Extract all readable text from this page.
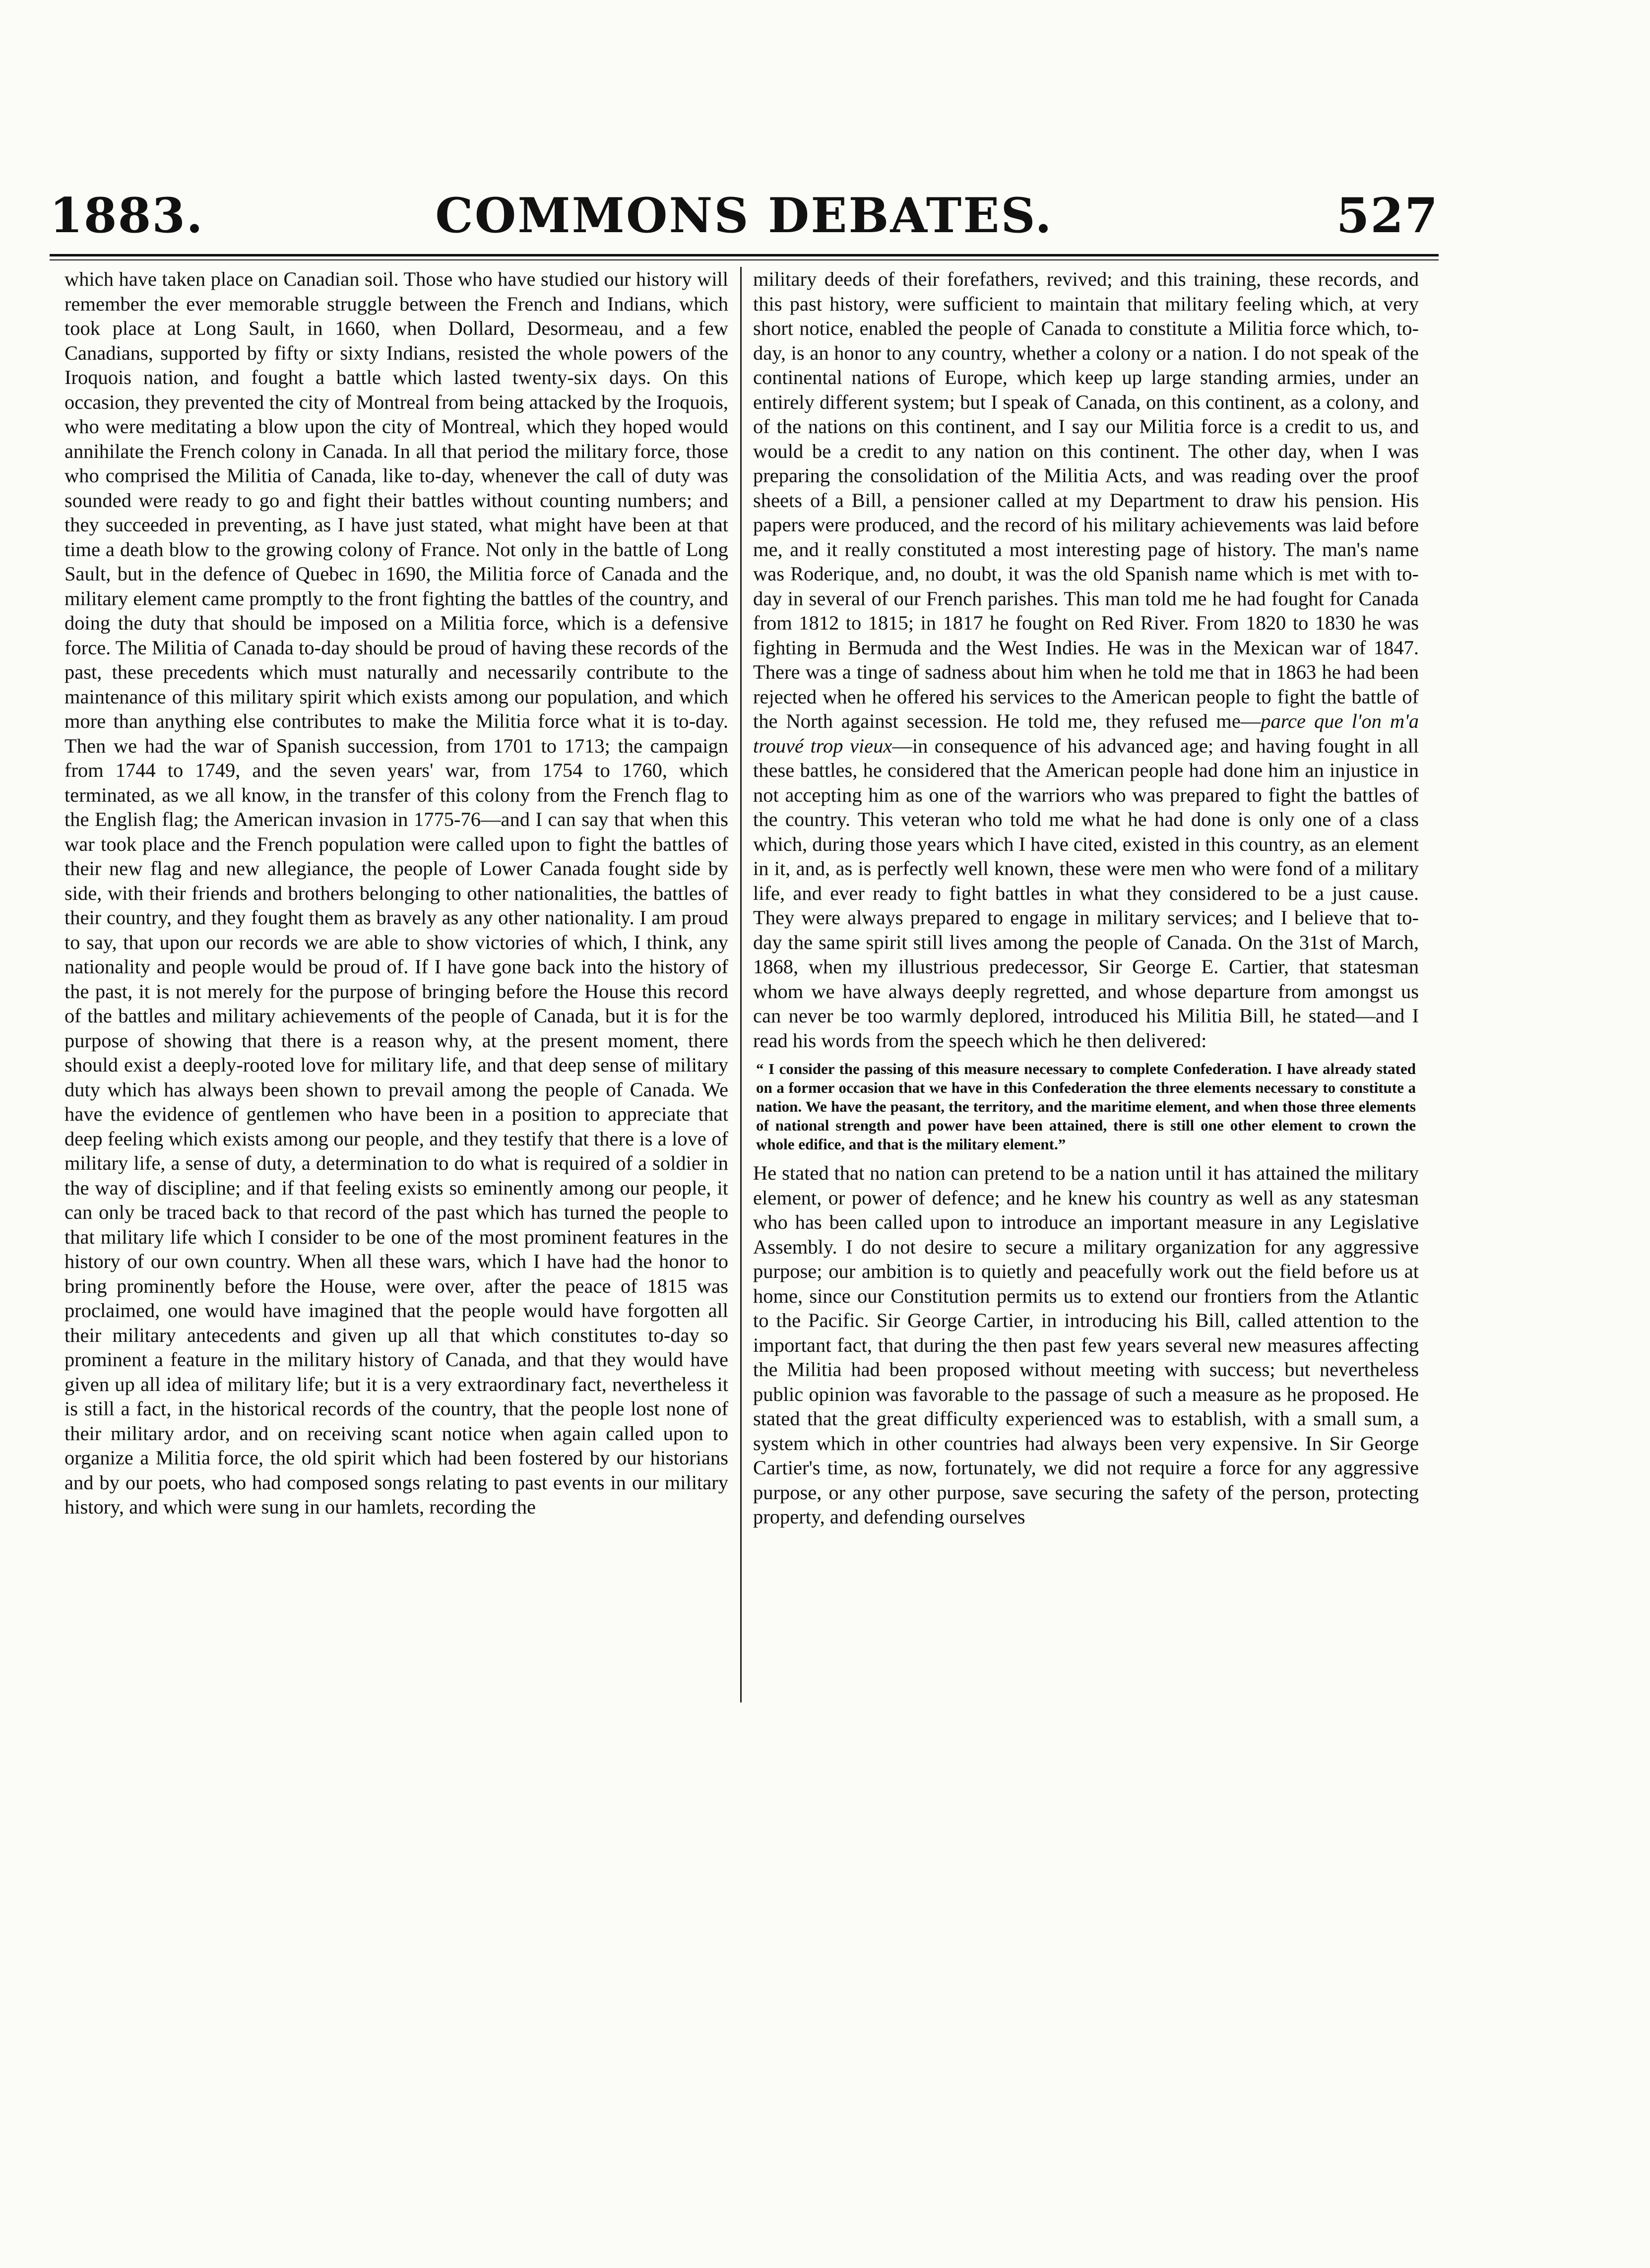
1883.	COMMONS DEBATES.	527

which have taken place on Canadian soil. Those who have studied our history will remember the ever memorable struggle between the French and Indians, which took place at Long Sault, in 1660, when Dollard, Desormeau, and a few Canadians, supported by fifty or sixty Indians, resisted the whole powers of the Iroquois nation, and fought a battle which lasted twenty-six days. On this occasion, they prevented the city of Montreal from being attacked by the Iroquois, who were meditating a blow upon the city of Montreal, which they hoped would annihilate the French colony in Canada. In all that period the military force, those who comprised the Militia of Canada, like to-day, whenever the call of duty was sounded were ready to go and fight their battles without counting numbers; and they succeeded in preventing, as I have just stated, what might have been at that time a death blow to the growing colony of France. Not only in the battle of Long Sault, but in the defence of Quebec in 1690, the Militia force of Canada and the military element came promptly to the front fighting the battles of the country, and doing the duty that should be imposed on a Militia force, which is a defensive force. The Militia of Canada to-day should be proud of having these records of the past, these precedents which must naturally and necessarily contribute to the maintenance of this military spirit which exists among our population, and which more than anything else contributes to make the Militia force what it is to-day. Then we had the war of Spanish succession, from 1701 to 1713; the campaign from 1744 to 1749, and the seven years' war, from 1754 to 1760, which terminated, as we all know, in the transfer of this colony from the French flag to the English flag; the American invasion in 1775-76—and I can say that when this war took place and the French population were called upon to fight the battles of their new flag and new allegiance, the people of Lower Canada fought side by side, with their friends and brothers belonging to other nationalities, the battles of their country, and they fought them as bravely as any other nationality. I am proud to say, that upon our records we are able to show victories of which, I think, any nationality and people would be proud of. If I have gone back into the history of the past, it is not merely for the purpose of bringing before the House this record of the battles and military achievements of the people of Canada, but it is for the purpose of showing that there is a reason why, at the present moment, there should exist a deeply-rooted love for military life, and that deep sense of military duty which has always been shown to prevail among the people of Canada. We have the evidence of gentlemen who have been in a position to appreciate that deep feeling which exists among our people, and they testify that there is a love of military life, a sense of duty, a determination to do what is required of a soldier in the way of discipline; and if that feeling exists so eminently among our people, it can only be traced back to that record of the past which has turned the people to that military life which I consider to be one of the most prominent features in the history of our own country. When all these wars, which I have had the honor to bring prominently before the House, were over, after the peace of 1815 was proclaimed, one would have imagined that the people would have forgotten all their military antecedents and given up all that which constitutes to-day so prominent a feature in the military history of Canada, and that they would have given up all idea of military life; but it is a very extraordinary fact, nevertheless it is still a fact, in the historical records of the country, that the people lost none of their military ardor, and on receiving scant notice when again called upon to organize a Militia force, the old spirit which had been fostered by our historians and by our poets, who had composed songs relating to past events in our military history, and which were sung in our hamlets, recording the

military deeds of their forefathers, revived; and this training, these records, and this past history, were sufficient to maintain that military feeling which, at very short notice, enabled the people of Canada to constitute a Militia force which, to-day, is an honor to any country, whether a colony or a nation. I do not speak of the continental nations of Europe, which keep up large standing armies, under an entirely different system; but I speak of Canada, on this continent, as a colony, and of the nations on this continent, and I say our Militia force is a credit to us, and would be a credit to any nation on this continent. The other day, when I was preparing the consolidation of the Militia Acts, and was reading over the proof sheets of a Bill, a pensioner called at my Department to draw his pension. His papers were produced, and the record of his military achievements was laid before me, and it really constituted a most interesting page of history. The man's name was Roderique, and, no doubt, it was the old Spanish name which is met with to-day in several of our French parishes. This man told me he had fought for Canada from 1812 to 1815; in 1817 he fought on Red River. From 1820 to 1830 he was fighting in Bermuda and the West Indies. He was in the Mexican war of 1847. There was a tinge of sadness about him when he told me that in 1863 he had been rejected when he offered his services to the American people to fight the battle of the North against secession. He told me, they refused me—parce que l'on m'a trouvé trop vieux—in consequence of his advanced age; and having fought in all these battles, he considered that the American people had done him an injustice in not accepting him as one of the warriors who was prepared to fight the battles of the country. This veteran who told me what he had done is only one of a class which, during those years which I have cited, existed in this country, as an element in it, and, as is perfectly well known, these were men who were fond of a military life, and ever ready to fight battles in what they considered to be a just cause. They were always prepared to engage in military services; and I believe that to-day the same spirit still lives among the people of Canada. On the 31st of March, 1868, when my illustrious predecessor, Sir George E. Cartier, that statesman whom we have always deeply regretted, and whose departure from amongst us can never be too warmly deplored, introduced his Militia Bill, he stated—and I read his words from the speech which he then delivered:

“ I consider the passing of this measure necessary to complete Confederation. I have already stated on a former occasion that we have in this Confederation the three elements necessary to constitute a nation. We have the peasant, the territory, and the maritime element, and when those three elements of national strength and power have been attained, there is still one other element to crown the whole edifice, and that is the military element.”

He stated that no nation can pretend to be a nation until it has attained the military element, or power of defence; and he knew his country as well as any statesman who has been called upon to introduce an important measure in any Legislative Assembly. I do not desire to secure a military organization for any aggressive purpose; our ambition is to quietly and peacefully work out the field before us at home, since our Constitution permits us to extend our frontiers from the Atlantic to the Pacific. Sir George Cartier, in introducing his Bill, called attention to the important fact, that during the then past few years several new measures affecting the Militia had been proposed without meeting with success; but nevertheless public opinion was favorable to the passage of such a measure as he proposed. He stated that the great difficulty experienced was to establish, with a small sum, a system which in other countries had always been very expensive. In Sir George Cartier's time, as now, fortunately, we did not require a force for any aggressive purpose, or any other purpose, save securing the safety of the person, protecting property, and defending ourselves
